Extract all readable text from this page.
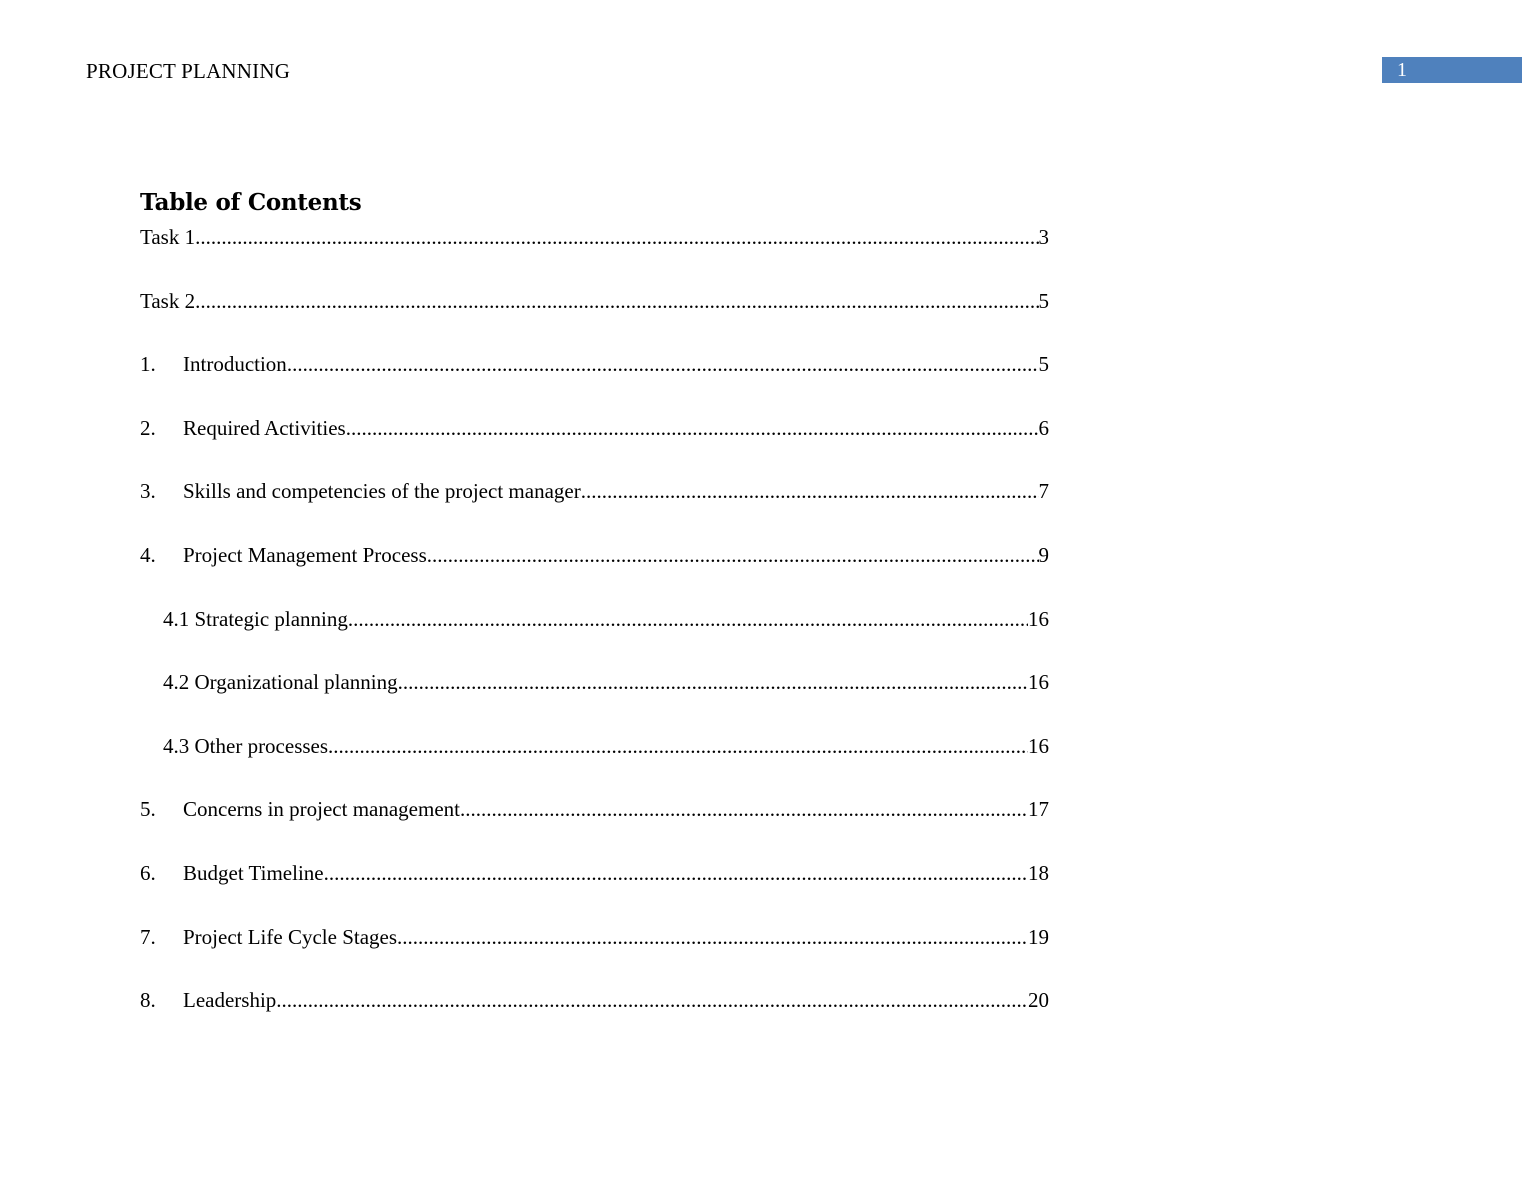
PROJECT PLANNING	1
Table of Contents
Task 1 .....	3
Task 2 .....	5
1.	Introduction .....	5
2.	Required Activities .....	6
3.	Skills and competencies of the project manager .....	7
4.	Project Management Process .....	9
4.1 Strategic planning .....	16
4.2 Organizational planning .....	16
4.3 Other processes .....	16
5.	Concerns in project management .....	17
6.	Budget Timeline .....	18
7.	Project Life Cycle Stages .....	19
8.	Leadership .....	20
